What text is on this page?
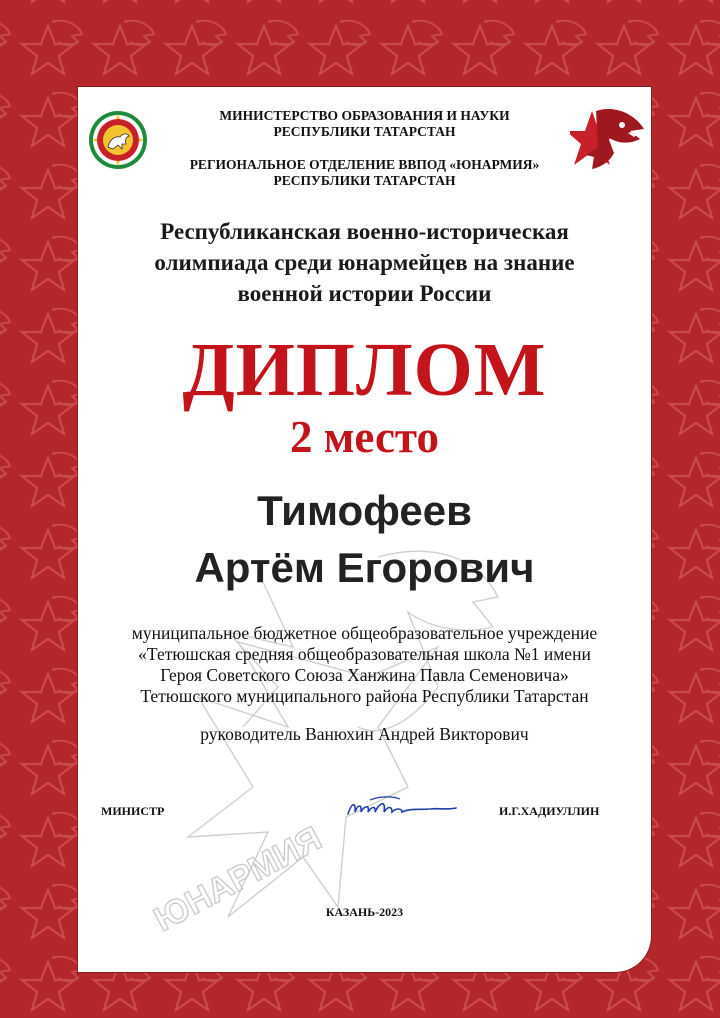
ЮНАРМИЯ
МИНИСТЕРСТВО ОБРАЗОВАНИЯ И НАУКИ
РЕСПУБЛИКИ ТАТАРСТАН
РЕГИОНАЛЬНОЕ ОТДЕЛЕНИЕ ВВПОД «ЮНАРМИЯ»
РЕСПУБЛИКИ ТАТАРСТАН
Республиканская военно-историческая
олимпиада среди юнармейцев на знание
военной истории России
ДИПЛОМ
2 место
Тимофеев
Артём Егорович
муниципальное бюджетное общеобразовательное учреждение
«Тетюшская средняя общеобразовательная школа №1 имени
Героя Советского Союза Ханжина Павла Семеновича»
Тетюшского муниципального района Республики Татарстан
руководитель Ванюхин Андрей Викторович
МИНИСТР	И.Г.ХАДИУЛЛИН
КАЗАНЬ-2023
